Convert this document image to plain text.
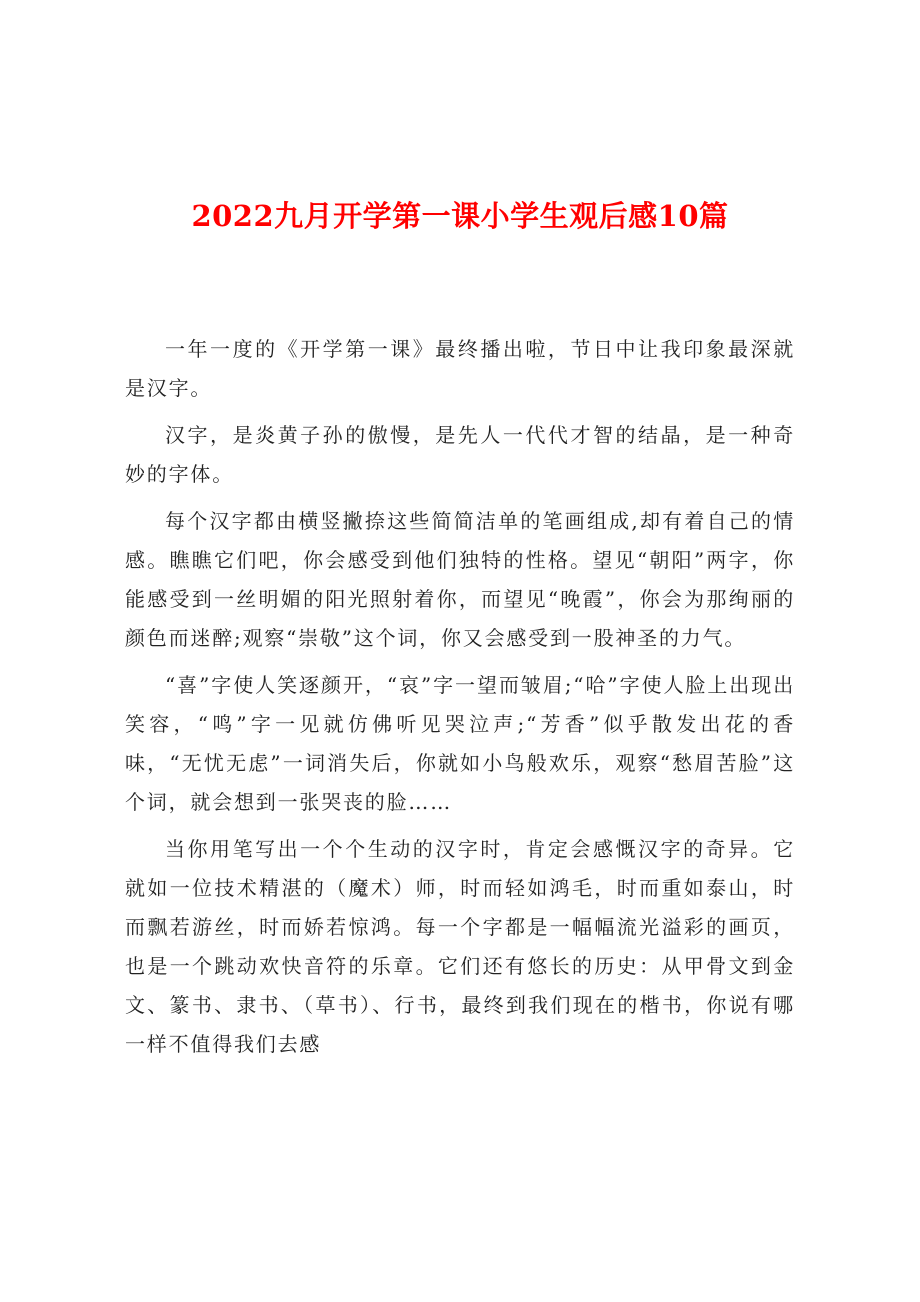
2022九月开学第一课小学生观后感10篇

一年一度的《开学第一课》最终播出啦，节日中让我印象最深就是汉字。

汉字，是炎黄子孙的傲慢，是先人一代代才智的结晶，是一种奇妙的字体。

每个汉字都由横竖撇捺这些简简洁单的笔画组成,却有着自己的情感。瞧瞧它们吧，你会感受到他们独特的性格。望见“朝阳”两字，你能感受到一丝明媚的阳光照射着你，而望见“晚霞”，你会为那绚丽的颜色而迷醉;观察“崇敬”这个词，你又会感受到一股神圣的力气。

“喜”字使人笑逐颜开，“哀”字一望而皱眉;“哈”字使人脸上出现出笑容，“鸣”字一见就仿佛听见哭泣声;“芳香”似乎散发出花的香味，“无忧无虑”一词消失后，你就如小鸟般欢乐，观察“愁眉苦脸”这个词，就会想到一张哭丧的脸……

当你用笔写出一个个生动的汉字时，肯定会感慨汉字的奇异。它就如一位技术精湛的（魔术）师，时而轻如鸿毛，时而重如泰山，时而飘若游丝，时而娇若惊鸿。每一个字都是一幅幅流光溢彩的画页，也是一个跳动欢快音符的乐章。它们还有悠长的历史：从甲骨文到金文、篆书、隶书、（草书）、行书，最终到我们现在的楷书，你说有哪一样不值得我们去感
